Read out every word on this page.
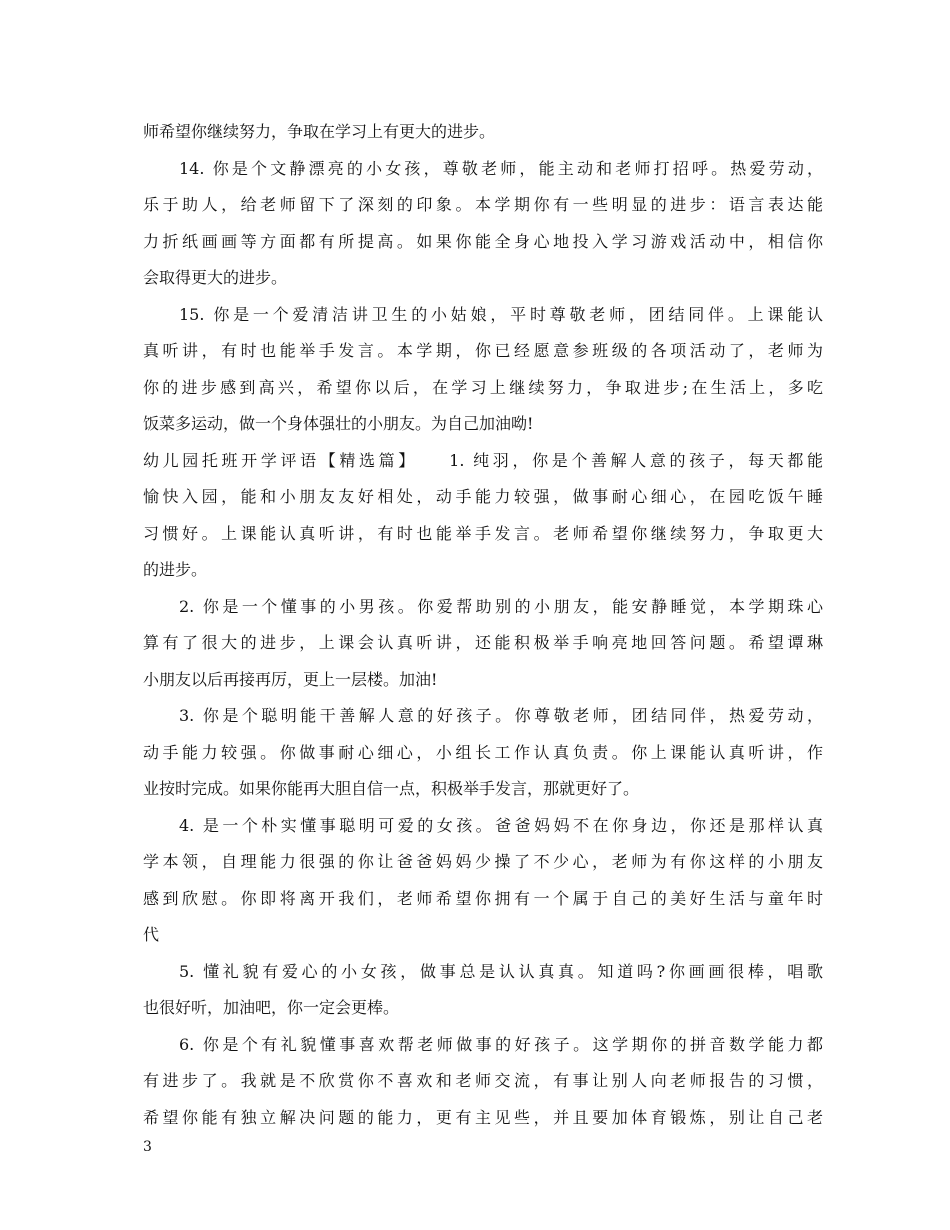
师希望你继续努力，争取在学习上有更大的进步。
14. 你是个文静漂亮的小女孩，尊敬老师，能主动和老师打招呼。热爱劳动，
乐于助人，给老师留下了深刻的印象。本学期你有一些明显的进步：语言表达能
力折纸画画等方面都有所提高。如果你能全身心地投入学习游戏活动中，相信你
会取得更大的进步。
15. 你是一个爱清洁讲卫生的小姑娘，平时尊敬老师，团结同伴。上课能认
真听讲，有时也能举手发言。本学期，你已经愿意参班级的各项活动了，老师为
你的进步感到高兴，希望你以后，在学习上继续努力，争取进步;在生活上，多吃
饭菜多运动，做一个身体强壮的小朋友。为自己加油呦!
幼儿园托班开学评语【精选篇】　　1. 纯羽，你是个善解人意的孩子，每天都能
愉快入园，能和小朋友友好相处，动手能力较强，做事耐心细心，在园吃饭午睡
习惯好。上课能认真听讲，有时也能举手发言。老师希望你继续努力，争取更大
的进步。
2. 你是一个懂事的小男孩。你爱帮助别的小朋友，能安静睡觉，本学期珠心
算有了很大的进步，上课会认真听讲，还能积极举手响亮地回答问题。希望谭琳
小朋友以后再接再厉，更上一层楼。加油!
3. 你是个聪明能干善解人意的好孩子。你尊敬老师，团结同伴，热爱劳动，
动手能力较强。你做事耐心细心，小组长工作认真负责。你上课能认真听讲，作
业按时完成。如果你能再大胆自信一点，积极举手发言，那就更好了。
4. 是一个朴实懂事聪明可爱的女孩。爸爸妈妈不在你身边，你还是那样认真
学本领，自理能力很强的你让爸爸妈妈少操了不少心，老师为有你这样的小朋友
感到欣慰。你即将离开我们，老师希望你拥有一个属于自己的美好生活与童年时
代
5. 懂礼貌有爱心的小女孩，做事总是认认真真。知道吗?你画画很棒，唱歌
也很好听，加油吧，你一定会更棒。
6. 你是个有礼貌懂事喜欢帮老师做事的好孩子。这学期你的拼音数学能力都
有进步了。我就是不欣赏你不喜欢和老师交流，有事让别人向老师报告的习惯，
希望你能有独立解决问题的能力，更有主见些，并且要加体育锻炼，别让自己老
3
